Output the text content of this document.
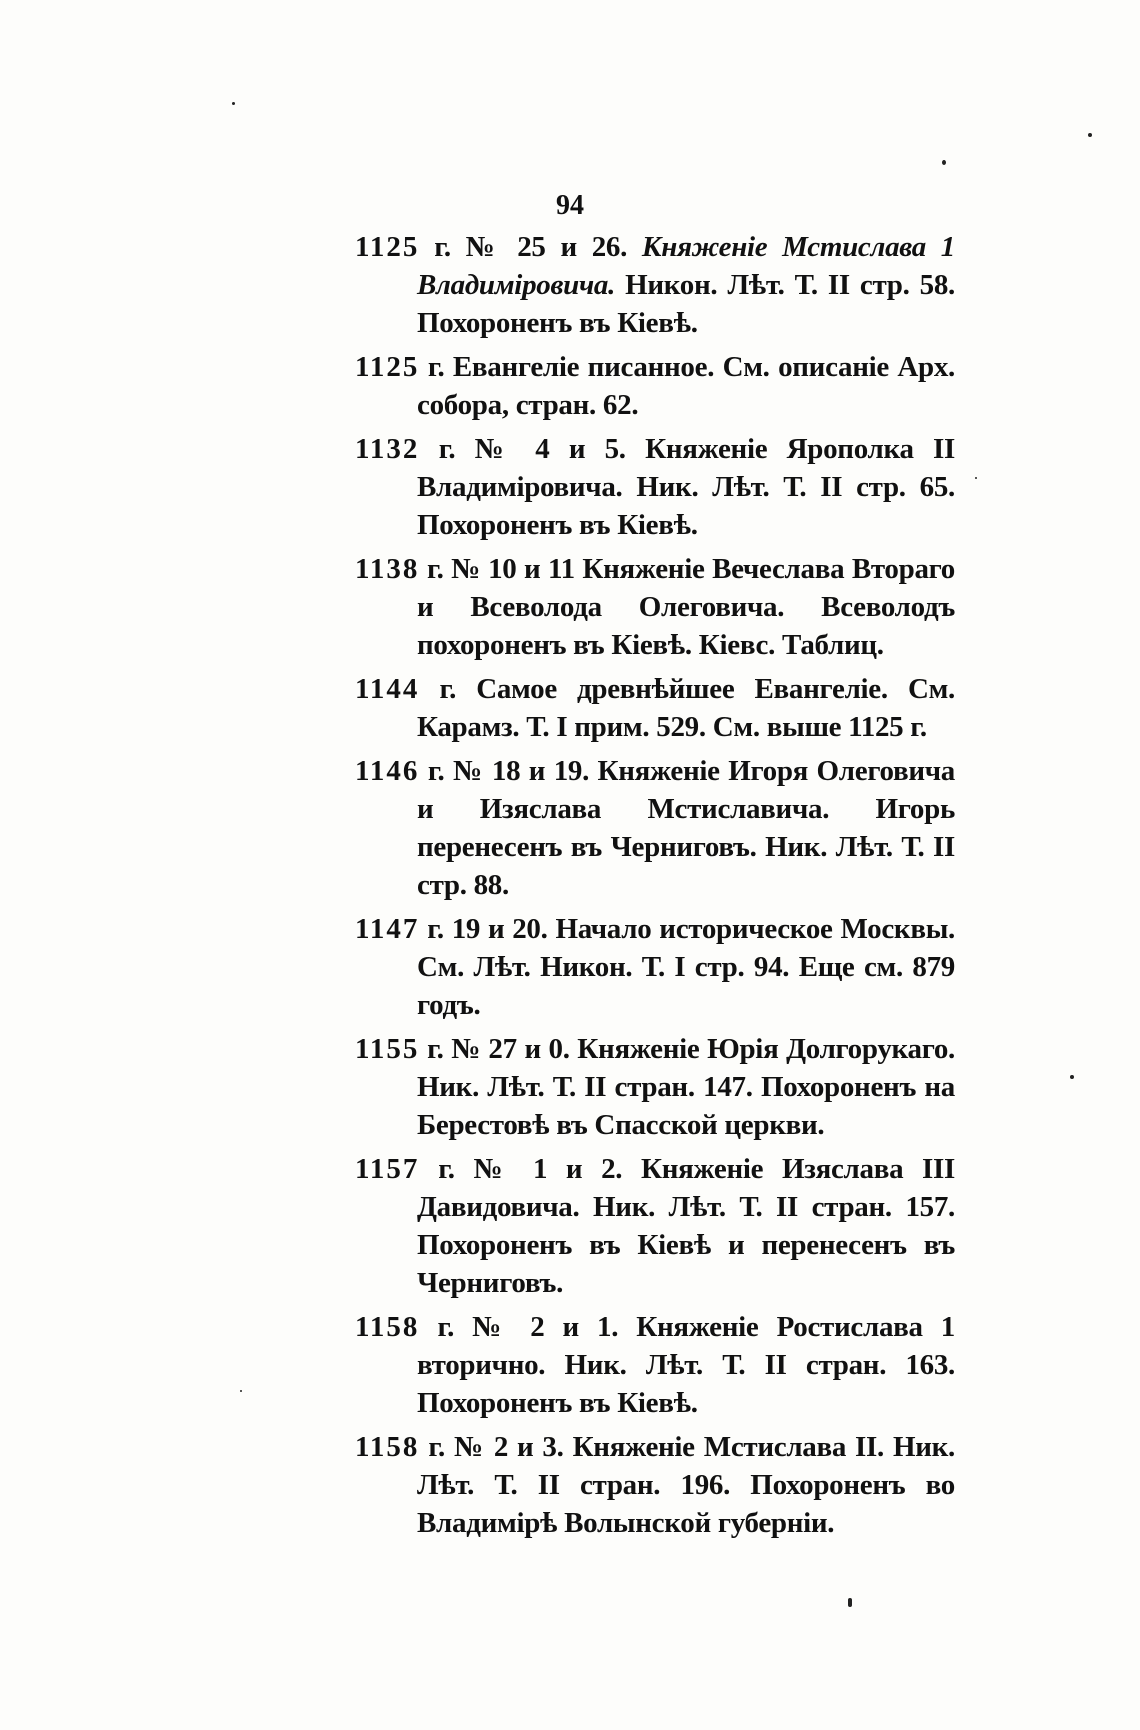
94
1125 г. № 25 и 26. Княженіе Мстислава 1 Владимiровича. Никон. Лѣт. Т. II стр. 58. Похороненъ въ Кіевѣ.
1125 г. Евангеліе писанное. См. описаніе Арх. собора, стран. 62.
1132 г. № 4 и 5. Княженіе Ярополка II Владиміровича. Ник. Лѣт. Т. II стр. 65. Похороненъ въ Кіевѣ.
1138 г. № 10 и 11 Княженіе Вечеслава Втораго и Всеволода Олеговича. Всеволодъ похороненъ въ Кіевѣ. Кіевс. Таблиц.
1144 г. Самое древнѣйшее Евангеліе. См. Карамз. Т. I прим. 529. См. выше 1125 г.
1146 г. № 18 и 19. Княженіе Игоря Олеговича и Изяслава Мстиславича. Игорь перенесенъ въ Черниговъ. Ник. Лѣт. Т. II стр. 88.
1147 г. 19 и 20. Начало историческое Москвы. См. Лѣт. Никон. Т. I стр. 94. Еще см. 879 годъ.
1155 г. № 27 и 0. Княженіе Юрія Долгорукаго. Ник. Лѣт. Т. II стран. 147. Похороненъ на Берестовѣ въ Спасской церкви.
1157 г. № 1 и 2. Княженіе Изяслава III Давидовича. Ник. Лѣт. Т. II стран. 157. Похороненъ въ Кіевѣ и перенесенъ въ Черниговъ.
1158 г. № 2 и 1. Княженіе Ростислава 1 вторично. Ник. Лѣт. Т. II стран. 163. Похороненъ въ Кіевѣ.
1158 г. № 2 и 3. Княженіе Мстислава II. Ник. Лѣт. Т. II стран. 196. Похороненъ во Владимірѣ Волынской губерніи.
